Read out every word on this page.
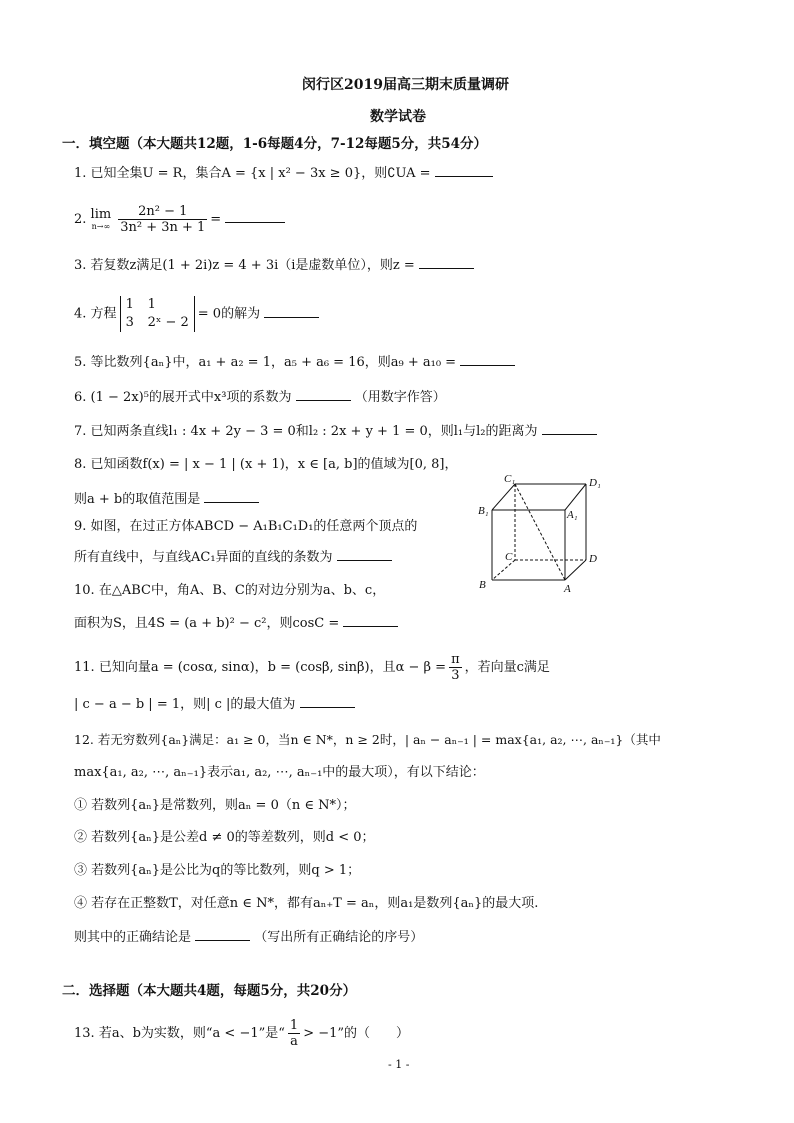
闵行区2019届高三期末质量调研
数学试卷
一．填空题（本大题共12题，1-6每题4分，7-12每题5分，共54分）
1. 已知全集U = R，集合A = {x | x² − 3x ≥ 0}，则∁UA =
2. lim
$n\to\infty \frac{\text{2n² − 1}}{\text{3n² + 3n + 1}}$ =
3. 若复数z满足(1 + 2i)z = 4 + 3i（i是虚数单位），则z =
4. 方程
1 1
3 2ˣ − 2
= 0的解为
5. 等比数列{aₙ}中，a₁ + a₂ = 1，a₅ + a₆ = 16，则a₉ + a₁₀ =
6. (1 − 2x)⁵的展开式中x³项的系数为	（用数字作答）
7. 已知两条直线l₁ : 4x + 2y − 3 = 0和l₂ : 2x + y + 1 = 0，则l₁与l₂的距离为
8. 已知函数f(x) = | x − 1 | (x + 1)，x ∈ [a, b]的值域为[0, 8]，
则a + b的取值范围是
9. 如图，在过正方体ABCD − A₁B₁C₁D₁的任意两个顶点的
所有直线中，与直线AC₁异面的直线的条数为
C₁	D₁
B₁	A₁
C	D
B	A
10. 在△ABC中，角A、B、C的对边分别为a、b、c，
面积为S，且4S = (a + b)² − c²，则cosC =
11. 已知向量a = (cosα, sinα)，b = (cosβ, sinβ)，且$\alpha - \beta = \frac{\pi}{3}$ ，若向量c满足
| c − a − b | = 1，则| c |的最大值为
12. 若无穷数列{aₙ}满足：a₁ ≥ 0，当n ∈ N*，n ≥ 2时，| aₙ − aₙ₋₁ | = max{a₁, a₂, ⋯, aₙ₋₁}（其中
max{a₁, a₂, ⋯, aₙ₋₁}表示a₁, a₂, ⋯, aₙ₋₁中的最大项），有以下结论：
① 若数列{aₙ}是常数列，则aₙ = 0（n ∈ N*）；
② 若数列{aₙ}是公差d ≠ 0的等差数列，则d < 0；
③ 若数列{aₙ}是公比为q的等比数列，则q > 1；
④ 若存在正整数T，对任意n ∈ N*，都有aₙ₊T = aₙ，则a₁是数列{aₙ}的最大项.
则其中的正确结论是	（写出所有正确结论的序号）
二．选择题（本大题共4题，每题5分，共20分）
13. 若a、b为实数，则“a < −1”是“ $\frac{1}{a} > -1$”的（　　）
- 1 -
